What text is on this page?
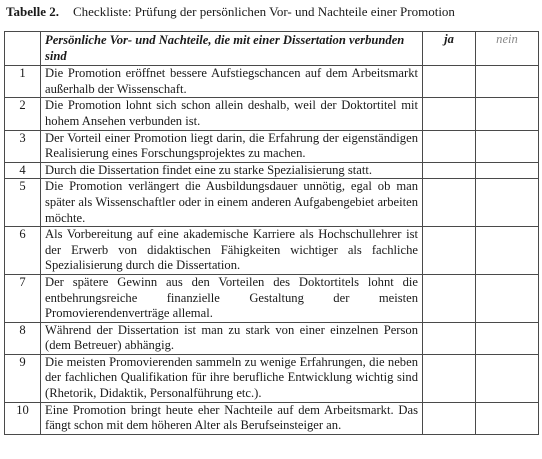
Tabelle 2. Checkliste: Prüfung der persönlichen Vor- und Nachteile einer Promotion
	Persönliche Vor- und Nachteile, die mit einer Dissertation verbunden sind	ja	nein
1	Die Promotion eröffnet bessere Aufstiegschancen auf dem Arbeitsmarkt außerhalb der Wissenschaft.		
2	Die Promotion lohnt sich schon allein deshalb, weil der Doktortitel mit hohem Ansehen verbunden ist.		
3	Der Vorteil einer Promotion liegt darin, die Erfahrung der eigenständigen Realisierung eines Forschungsprojektes zu machen.		
4	Durch die Dissertation findet eine zu starke Spezialisierung statt.		
5	Die Promotion verlängert die Ausbildungsdauer unnötig, egal ob man später als Wissenschaftler oder in einem anderen Aufgabengebiet arbeiten möchte.		
6	Als Vorbereitung auf eine akademische Karriere als Hochschullehrer ist der Erwerb von didaktischen Fähigkeiten wichtiger als fachliche Spezialisierung durch die Dissertation.		
7	Der spätere Gewinn aus den Vorteilen des Doktortitels lohnt die entbehrungsreiche finanzielle Gestaltung der meisten Promovierendenverträge allemal.		
8	Während der Dissertation ist man zu stark von einer einzelnen Person (dem Betreuer) abhängig.		
9	Die meisten Promovierenden sammeln zu wenige Erfahrungen, die neben der fachlichen Qualifikation für ihre berufliche Entwicklung wichtig sind (Rhetorik, Didaktik, Personalführung etc.).		
10	Eine Promotion bringt heute eher Nachteile auf dem Arbeitsmarkt. Das fängt schon mit dem höheren Alter als Berufseinsteiger an.		
